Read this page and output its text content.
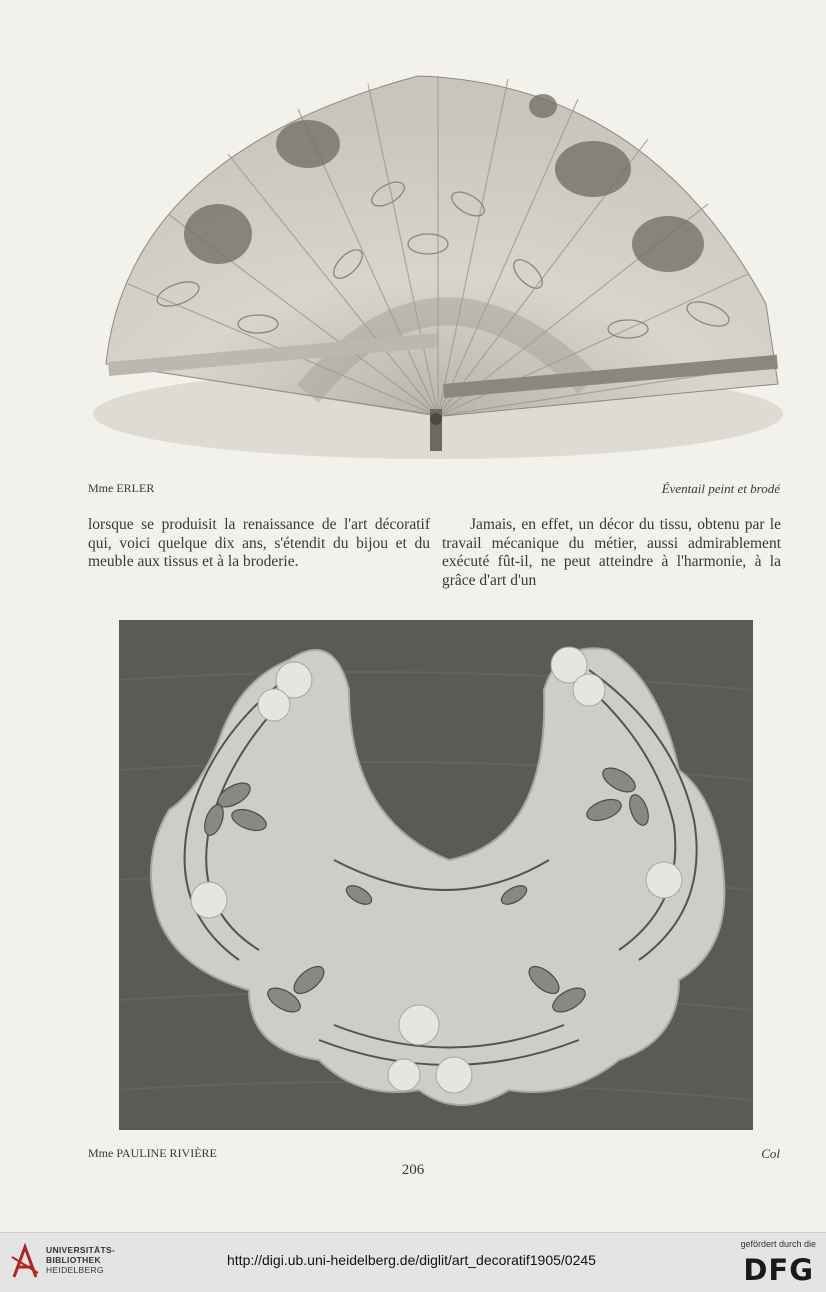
Mme ERLER	Éventail peint et brodé
lorsque se produisit la renaissance de l'art décoratif qui, voici quelque dix ans, s'étendit du bijou et du meuble aux tissus et à la broderie.
Jamais, en effet, un décor du tissu, obtenu par le travail mécanique du métier, aussi admirablement exécuté fût-il, ne peut atteindre à l'harmonie, à la grâce d'art d'un
Mme PAULINE RIVIÈRE	Col
206
UNIVERSITÄTS-
BIBLIOTHEK
HEIDELBERG
http://digi.ub.uni-heidelberg.de/diglit/art_decoratif1905/0245
gefördert durch die
DFG
